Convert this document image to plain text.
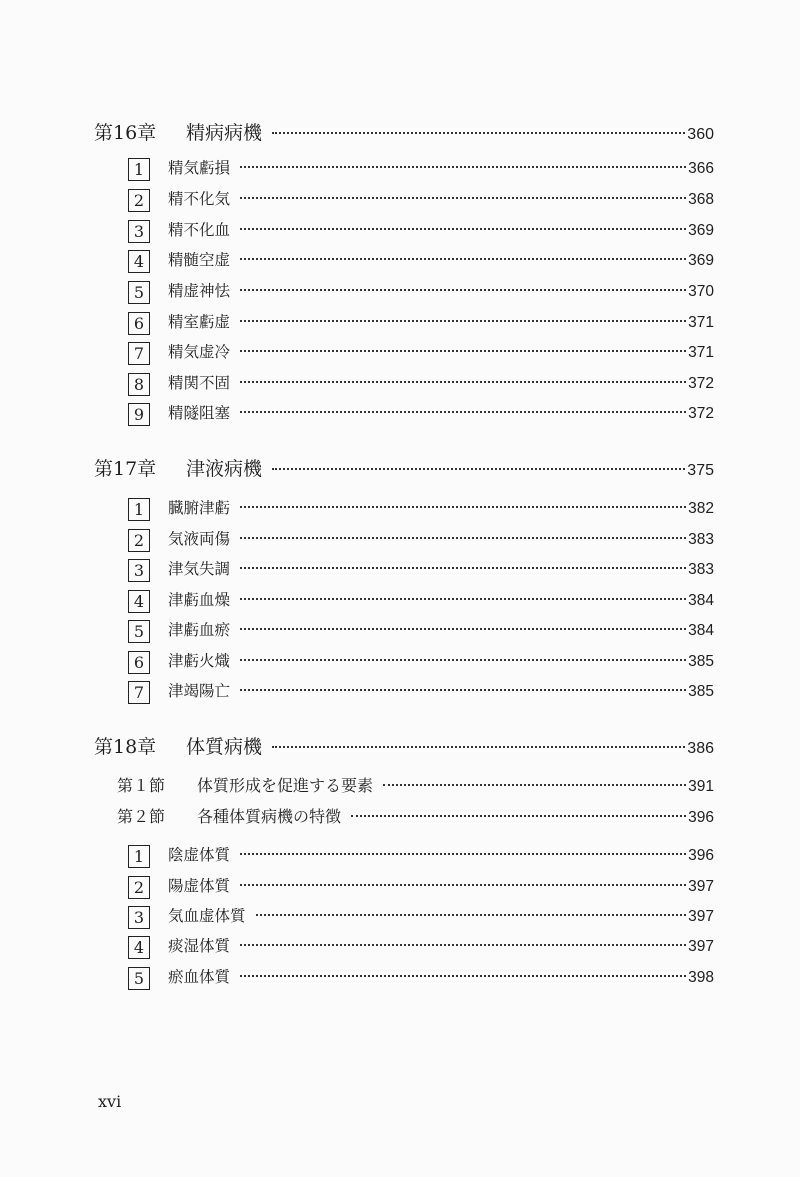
第16章	精病病機	360
1	精気虧損	366
2	精不化気	368
3	精不化血	369
4	精髄空虚	369
5	精虚神怯	370
6	精室虧虚	371
7	精気虚冷	371
8	精関不固	372
9	精隧阻塞	372
第17章	津液病機	375
1	臓腑津虧	382
2	気液両傷	383
3	津気失調	383
4	津虧血燥	384
5	津虧血瘀	384
6	津虧火熾	385
7	津竭陽亡	385
第18章	体質病機	386
第１節	体質形成を促進する要素	391
第２節	各種体質病機の特徴	396
1	陰虚体質	396
2	陽虚体質	397
3	気血虚体質	397
4	痰湿体質	397
5	瘀血体質	398
xvi
